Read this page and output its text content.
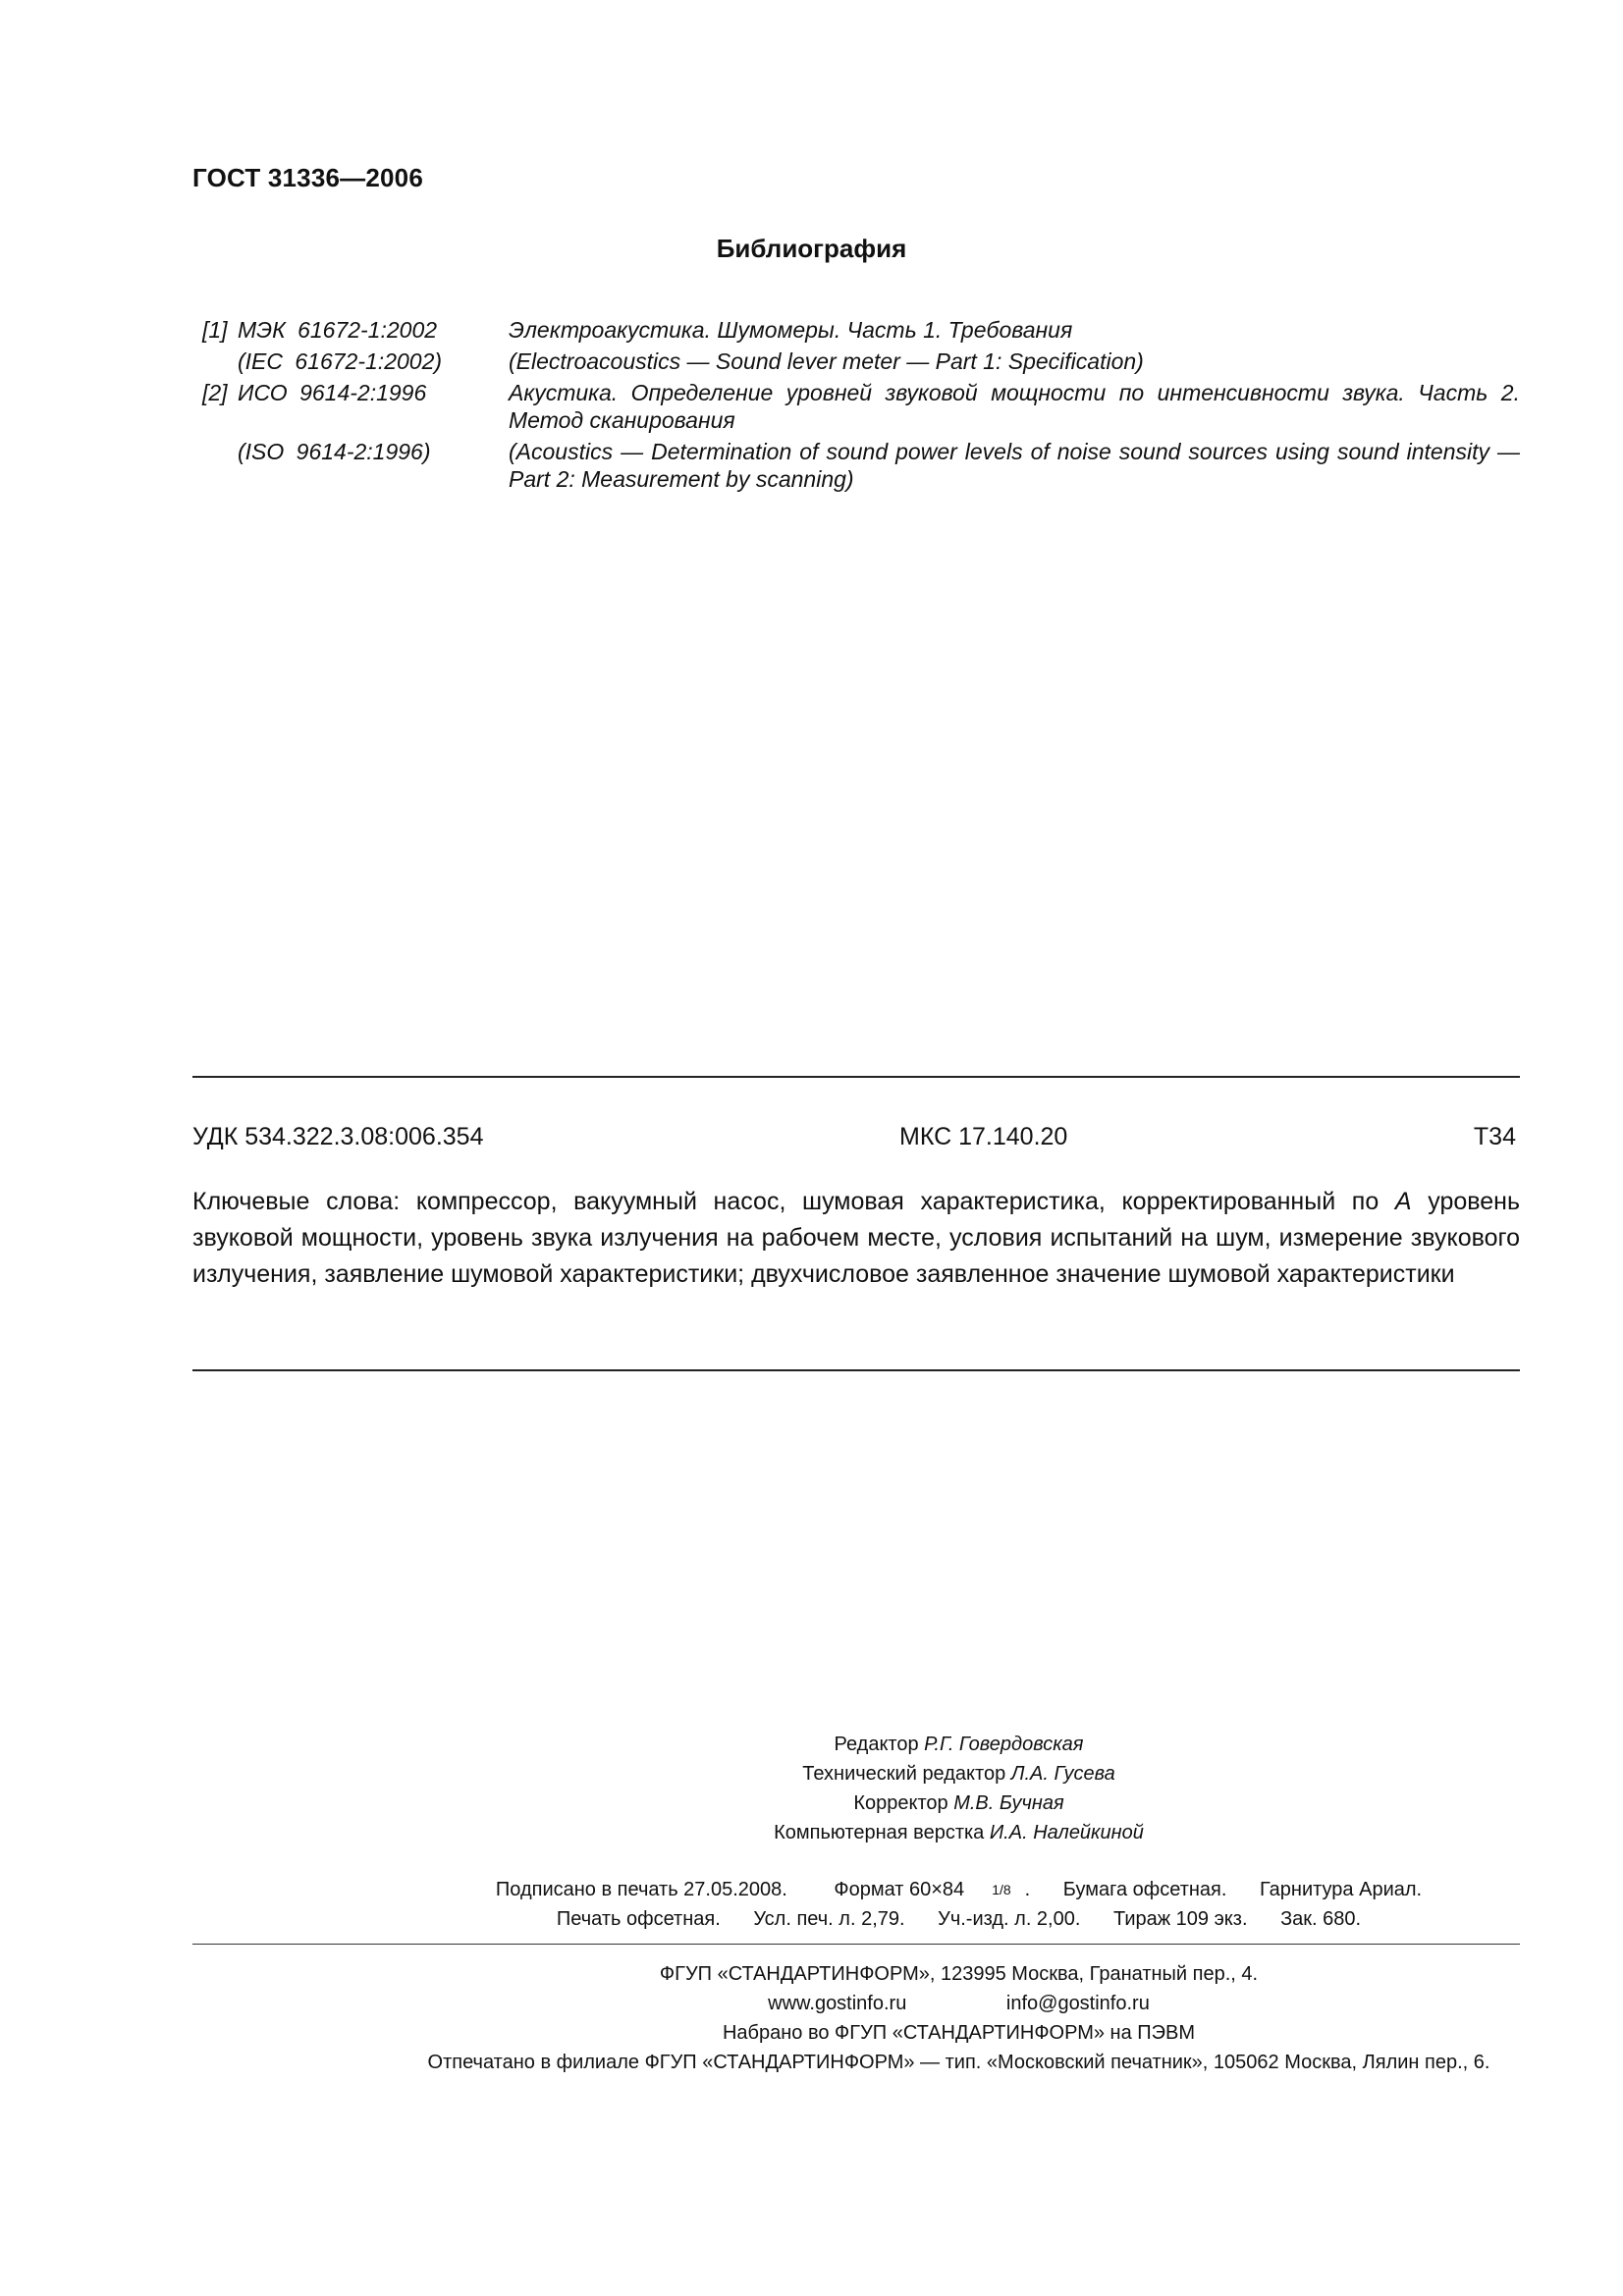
ГОСТ 31336—2006
Библиография
[1] МЭК 61672-1:2002	Электроакустика. Шумомеры. Часть 1. Требования
(IEC 61672-1:2002)	(Electroacoustics — Sound lever meter — Part 1: Specification)
[2] ИСО 9614-2:1996	Акустика. Определение уровней звуковой мощности по интенсивности звука. Часть 2. Метод сканирования
(ISO 9614-2:1996)	(Acoustics — Determination of sound power levels of noise sound sources using sound intensity — Part 2: Measurement by scanning)
УДК 534.322.3.08:006.354	МКС 17.140.20	Т34
Ключевые слова: компрессор, вакуумный насос, шумовая характеристика, корректированный по А уровень звуковой мощности, уровень звука излучения на рабочем месте, условия испытаний на шум, измерение звукового излучения, заявление шумовой характеристики; двухчисловое заявленное значение шумовой характеристики
Редактор Р.Г. Говердовская
Технический редактор Л.А. Гусева
Корректор М.В. Бучная
Компьютерная верстка И.А. Налейкиной
Подписано в печать 27.05.2008. Формат 60×84 $^{1/8}$ . Бумага офсетная. Гарнитура Ариал.
Печать офсетная. Усл. печ. л. 2,79. Уч.-изд. л. 2,00. Тираж 109 экз. Зак. 680.
ФГУП «СТАНДАРТИНФОРМ», 123995 Москва, Гранатный пер., 4.
www.gostinfo.ru	info@gostinfo.ru
Набрано во ФГУП «СТАНДАРТИНФОРМ» на ПЭВМ
Отпечатано в филиале ФГУП «СТАНДАРТИНФОРМ» — тип. «Московский печатник», 105062 Москва, Лялин пер., 6.
